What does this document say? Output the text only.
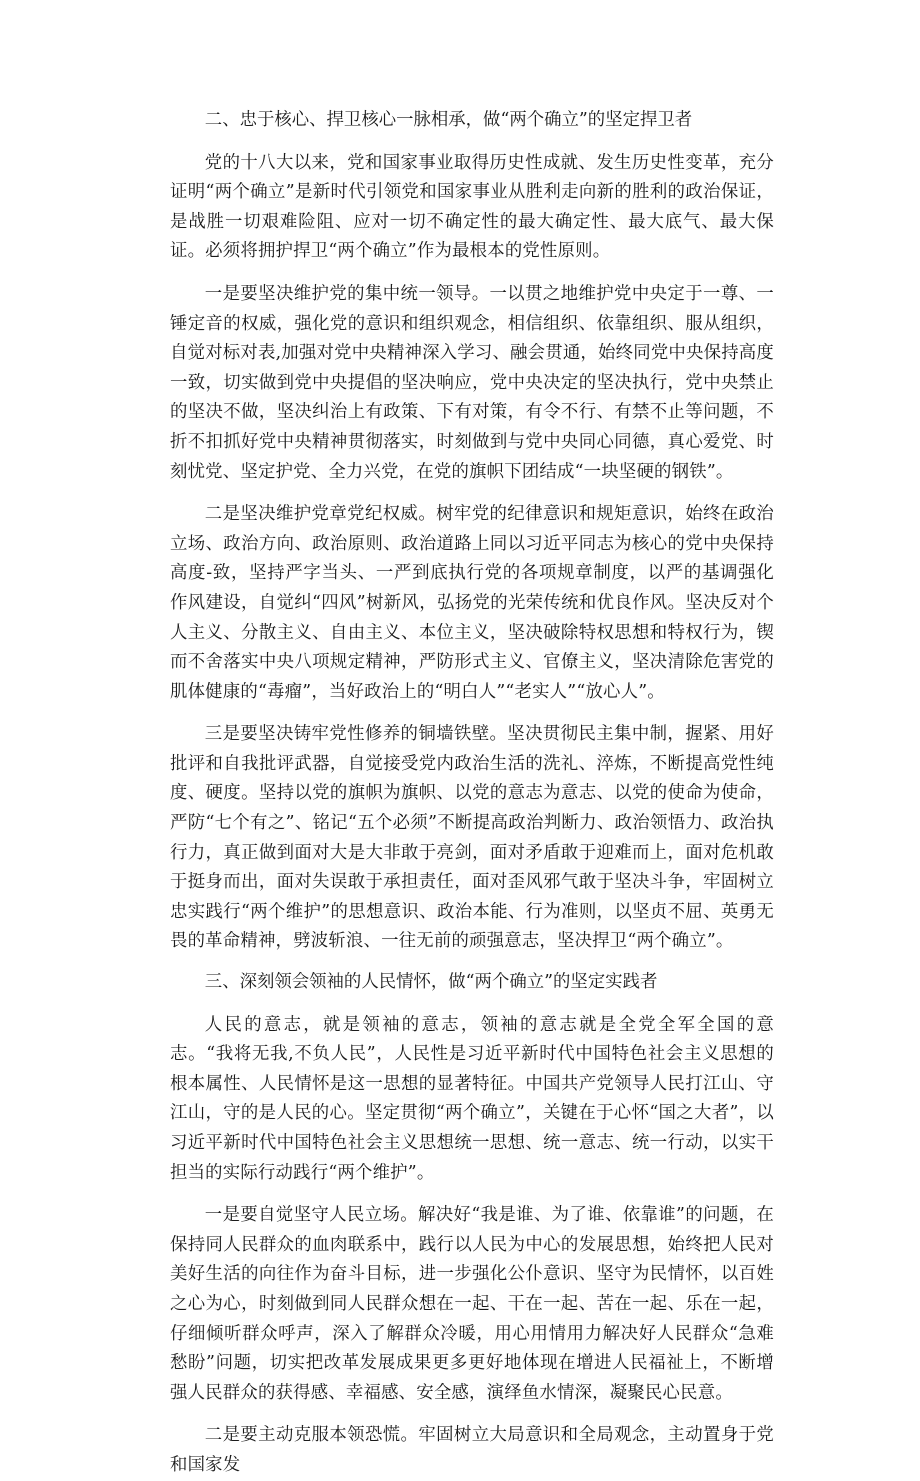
二、忠于核心、捍卫核心一脉相承，做“两个确立”的坚定捍卫者

党的十八大以来，党和国家事业取得历史性成就、发生历史性变革，充分证明“两个确立”是新时代引领党和国家事业从胜利走向新的胜利的政治保证，是战胜一切艰难险阻、应对一切不确定性的最大确定性、最大底气、最大保证。必须将拥护捍卫“两个确立”作为最根本的党性原则。

一是要坚决维护党的集中统一领导。一以贯之地维护党中央定于一尊、一锤定音的权威，强化党的意识和组织观念，相信组织、依靠组织、服从组织，自觉对标对表,加强对党中央精神深入学习、融会贯通，始终同党中央保持高度一致，切实做到党中央提倡的坚决响应，党中央决定的坚决执行，党中央禁止的坚决不做，坚决纠治上有政策、下有对策，有令不行、有禁不止等问题，不折不扣抓好党中央精神贯彻落实，时刻做到与党中央同心同德，真心爱党、时刻忧党、坚定护党、全力兴党，在党的旗帜下团结成“一块坚硬的钢铁”。

二是坚决维护党章党纪权威。树牢党的纪律意识和规矩意识，始终在政治立场、政治方向、政治原则、政治道路上同以习近平同志为核心的党中央保持高度-致，坚持严字当头、一严到底执行党的各项规章制度，以严的基调强化作风建设，自觉纠“四风”树新风，弘扬党的光荣传统和优良作风。坚决反对个人主义、分散主义、自由主义、本位主义，坚决破除特权思想和特权行为，锲而不舍落实中央八项规定精神，严防形式主义、官僚主义，坚决清除危害党的肌体健康的“毒瘤”，当好政治上的“明白人”“老实人”“放心人”。

三是要坚决铸牢党性修养的铜墙铁壁。坚决贯彻民主集中制，握紧、用好批评和自我批评武器，自觉接受党内政治生活的洗礼、淬炼，不断提高党性纯度、硬度。坚持以党的旗帜为旗帜、以党的意志为意志、以党的使命为使命，严防“七个有之”、铭记“五个必须”不断提高政治判断力、政治领悟力、政治执行力，真正做到面对大是大非敢于亮剑，面对矛盾敢于迎难而上，面对危机敢于挺身而出，面对失误敢于承担责任，面对歪风邪气敢于坚决斗争，牢固树立忠实践行“两个维护”的思想意识、政治本能、行为准则，以坚贞不屈、英勇无畏的革命精神，劈波斩浪、一往无前的顽强意志，坚决捍卫“两个确立”。

三、深刻领会领袖的人民情怀，做“两个确立”的坚定实践者

人民的意志，就是领袖的意志，领袖的意志就是全党全军全国的意志。“我将无我,不负人民”，人民性是习近平新时代中国特色社会主义思想的根本属性、人民情怀是这一思想的显著特征。中国共产党领导人民打江山、守江山，守的是人民的心。坚定贯彻“两个确立”，关键在于心怀“国之大者”，以习近平新时代中国特色社会主义思想统一思想、统一意志、统一行动，以实干担当的实际行动践行“两个维护”。

一是要自觉坚守人民立场。解决好“我是谁、为了谁、依靠谁”的问题，在保持同人民群众的血肉联系中，践行以人民为中心的发展思想，始终把人民对美好生活的向往作为奋斗目标，进一步强化公仆意识、坚守为民情怀，以百姓之心为心，时刻做到同人民群众想在一起、干在一起、苦在一起、乐在一起，仔细倾听群众呼声，深入了解群众冷暖，用心用情用力解决好人民群众“急难愁盼”问题，切实把改革发展成果更多更好地体现在增进人民福祉上，不断增强人民群众的获得感、幸福感、安全感，演绎鱼水情深，凝聚民心民意。

二是要主动克服本领恐慌。牢固树立大局意识和全局观念，主动置身于党和国家发
